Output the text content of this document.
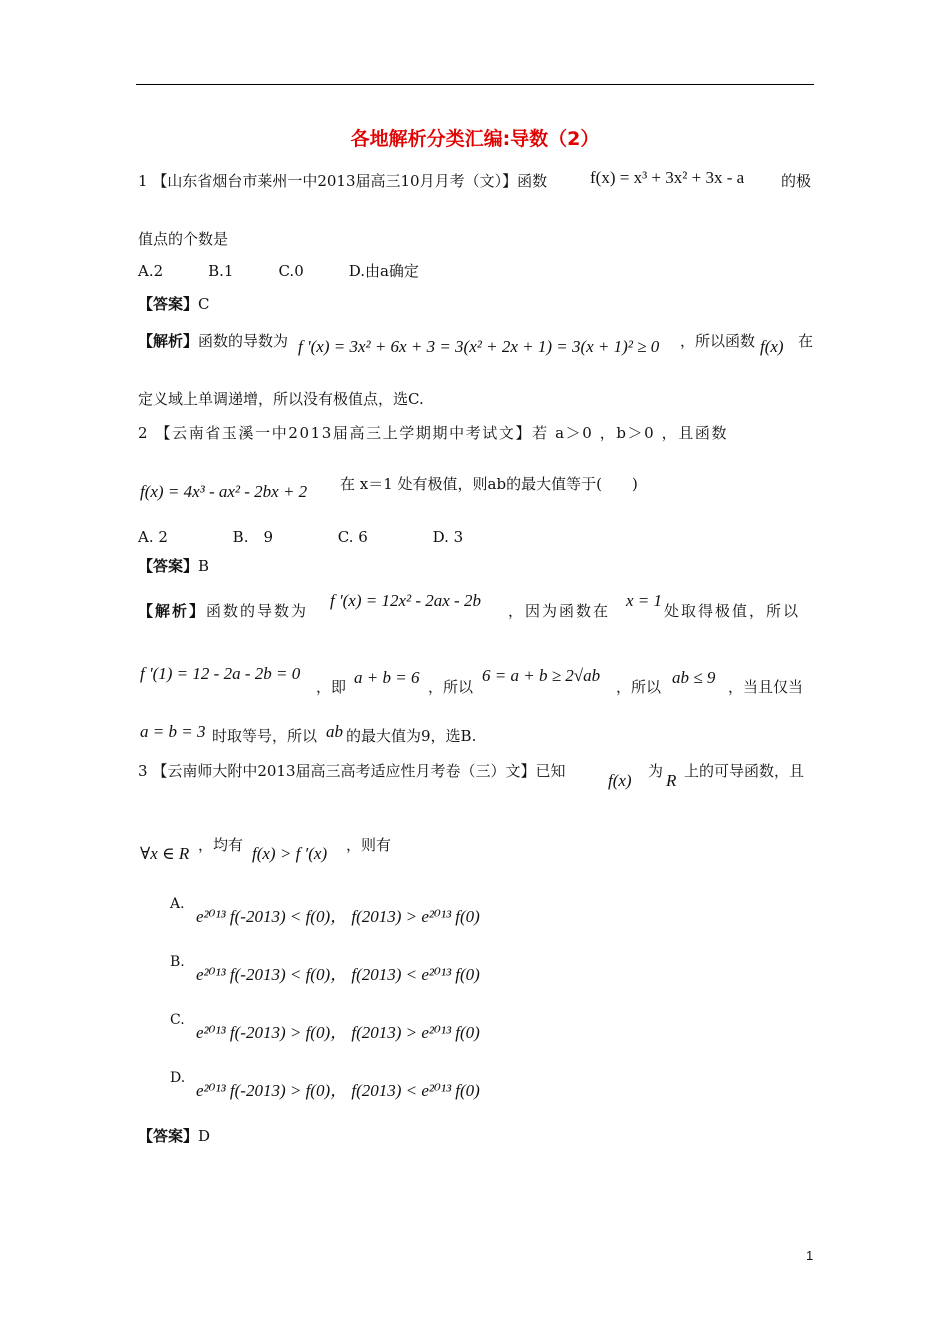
各地解析分类汇编:导数（2）
1 【山东省烟台市莱州一中2013届高三10月月考（文）】函数	f(x) = x³ + 3x² + 3x - a 的极
值点的个数是
A.2　　　B.1　　　C.0　　　D.由a确定
【答案】C
【解析】函数的导数为 f '(x) = 3x² + 6x + 3 = 3(x² + 2x + 1) = 3(x + 1)² ≥ 0 ，所以函数 f(x) 在
定义域上单调递增，所以没有极值点，选C.
2 【云南省玉溪一中2013届高三上学期期中考试文】若 a＞0 ，b＞0 ，且函数
f(x) = 4x³ - ax² - 2bx + 2 在 x＝1 处有极值，则ab的最大值等于(　　)
A. 2　　　　 B.　9　　　　 C. 6　　　　 D. 3
【答案】B
【解析】函数的导数为
f '(x) = 12x² - 2ax - 2b
，因为函数在
x = 1
处取得极值，所以
f '(1) = 12 - 2a - 2b = 0
，即 a + b = 6 ，所以
6 = a + b ≥ 2√ab
，所以 ab ≤ 9 ，当且仅当
a = b = 3 时取等号，所以 ab 的最大值为9，选B.
3 【云南师大附中2013届高三高考适应性月考卷（三）文】已知 f(x) 为 R 上的可导函数，且
∀x ∈ R ，均有 f(x) > f ′(x) ，则有
A.
e²⁰¹³ f(-2013) < f(0)， f(2013) > e²⁰¹³ f(0)
B.
e²⁰¹³ f(-2013) < f(0)， f(2013) < e²⁰¹³ f(0)
C.
e²⁰¹³ f(-2013) > f(0)， f(2013) > e²⁰¹³ f(0)
D.
e²⁰¹³ f(-2013) > f(0)， f(2013) < e²⁰¹³ f(0)
【答案】D
1
